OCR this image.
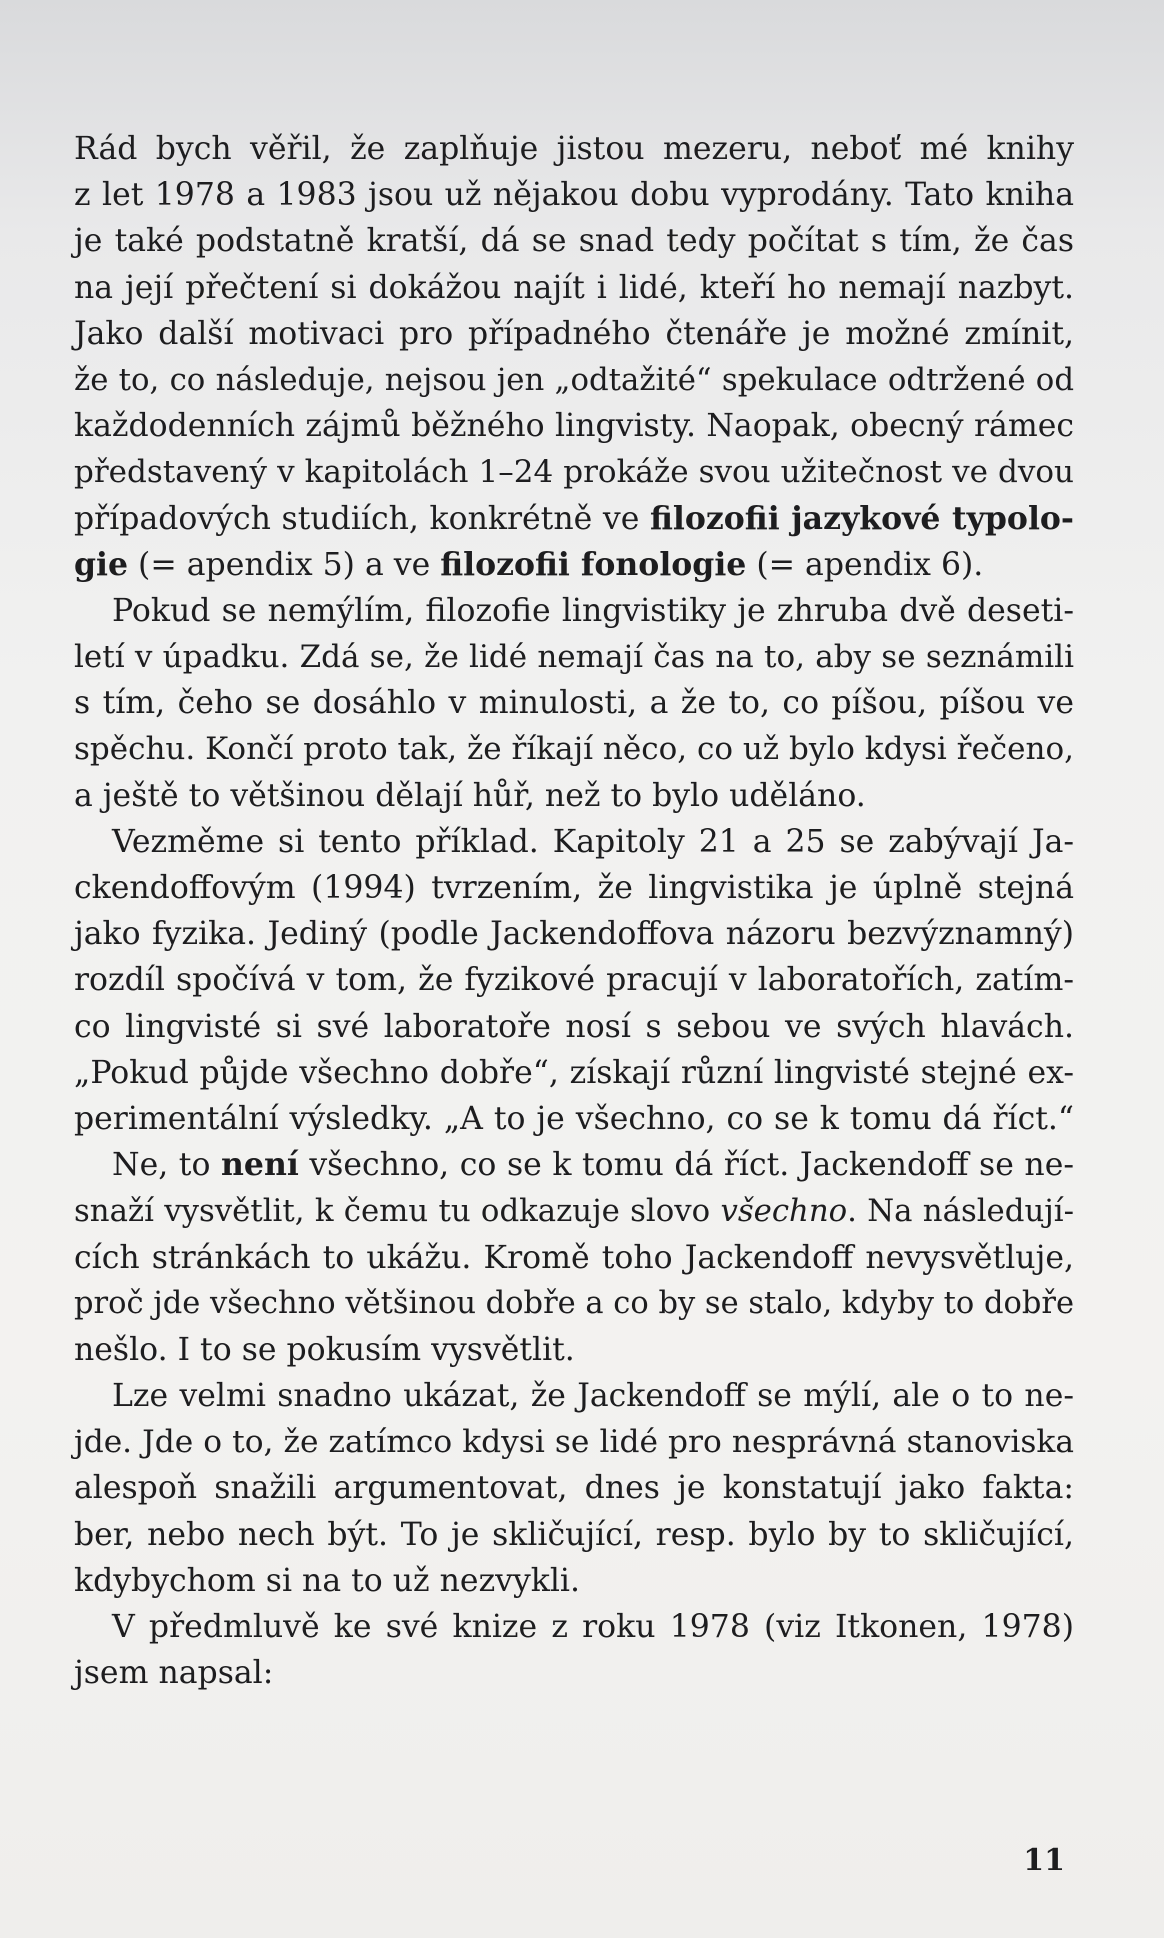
Rád bych věřil, že zaplňuje jistou mezeru, neboť mé knihy
z let 1978 a 1983 jsou už nějakou dobu vyprodány. Tato kniha
je také podstatně kratší, dá se snad tedy počítat s tím, že čas
na její přečtení si dokážou najít i lidé, kteří ho nemají nazbyt.
Jako další motivaci pro případného čtenáře je možné zmínit,
že to, co následuje, nejsou jen „odtažité“ spekulace odtržené od
každodenních zájmů běžného lingvisty. Naopak, obecný rámec
představený v kapitolách 1–24 prokáže svou užitečnost ve dvou
případových studiích, konkrétně ve filozofii jazykové typolo-
gie (= apendix 5) a ve filozofii fonologie (= apendix 6).
Pokud se nemýlím, filozofie lingvistiky je zhruba dvě deseti-
letí v úpadku. Zdá se, že lidé nemají čas na to, aby se seznámili
s tím, čeho se dosáhlo v minulosti, a že to, co píšou, píšou ve
spěchu. Končí proto tak, že říkají něco, co už bylo kdysi řečeno,
a ještě to většinou dělají hůř, než to bylo uděláno.
Vezměme si tento příklad. Kapitoly 21 a 25 se zabývají Ja-
ckendoffovým (1994) tvrzením, že lingvistika je úplně stejná
jako fyzika. Jediný (podle Jackendoffova názoru bezvýznamný)
rozdíl spočívá v tom, že fyzikové pracují v laboratořích, zatím-
co lingvisté si své laboratoře nosí s sebou ve svých hlavách.
„Pokud půjde všechno dobře“, získají různí lingvisté stejné ex-
perimentální výsledky. „A to je všechno, co se k tomu dá říct.“
Ne, to není všechno, co se k tomu dá říct. Jackendoff se ne-
snaží vysvětlit, k čemu tu odkazuje slovo všechno. Na následují-
cích stránkách to ukážu. Kromě toho Jackendoff nevysvětluje,
proč jde všechno většinou dobře a co by se stalo, kdyby to dobře
nešlo. I to se pokusím vysvětlit.
Lze velmi snadno ukázat, že Jackendoff se mýlí, ale o to ne-
jde. Jde o to, že zatímco kdysi se lidé pro nesprávná stanoviska
alespoň snažili argumentovat, dnes je konstatují jako fakta:
ber, nebo nech být. To je skličující, resp. bylo by to skličující,
kdybychom si na to už nezvykli.
V předmluvě ke své knize z roku 1978 (viz Itkonen, 1978)
jsem napsal:
11
